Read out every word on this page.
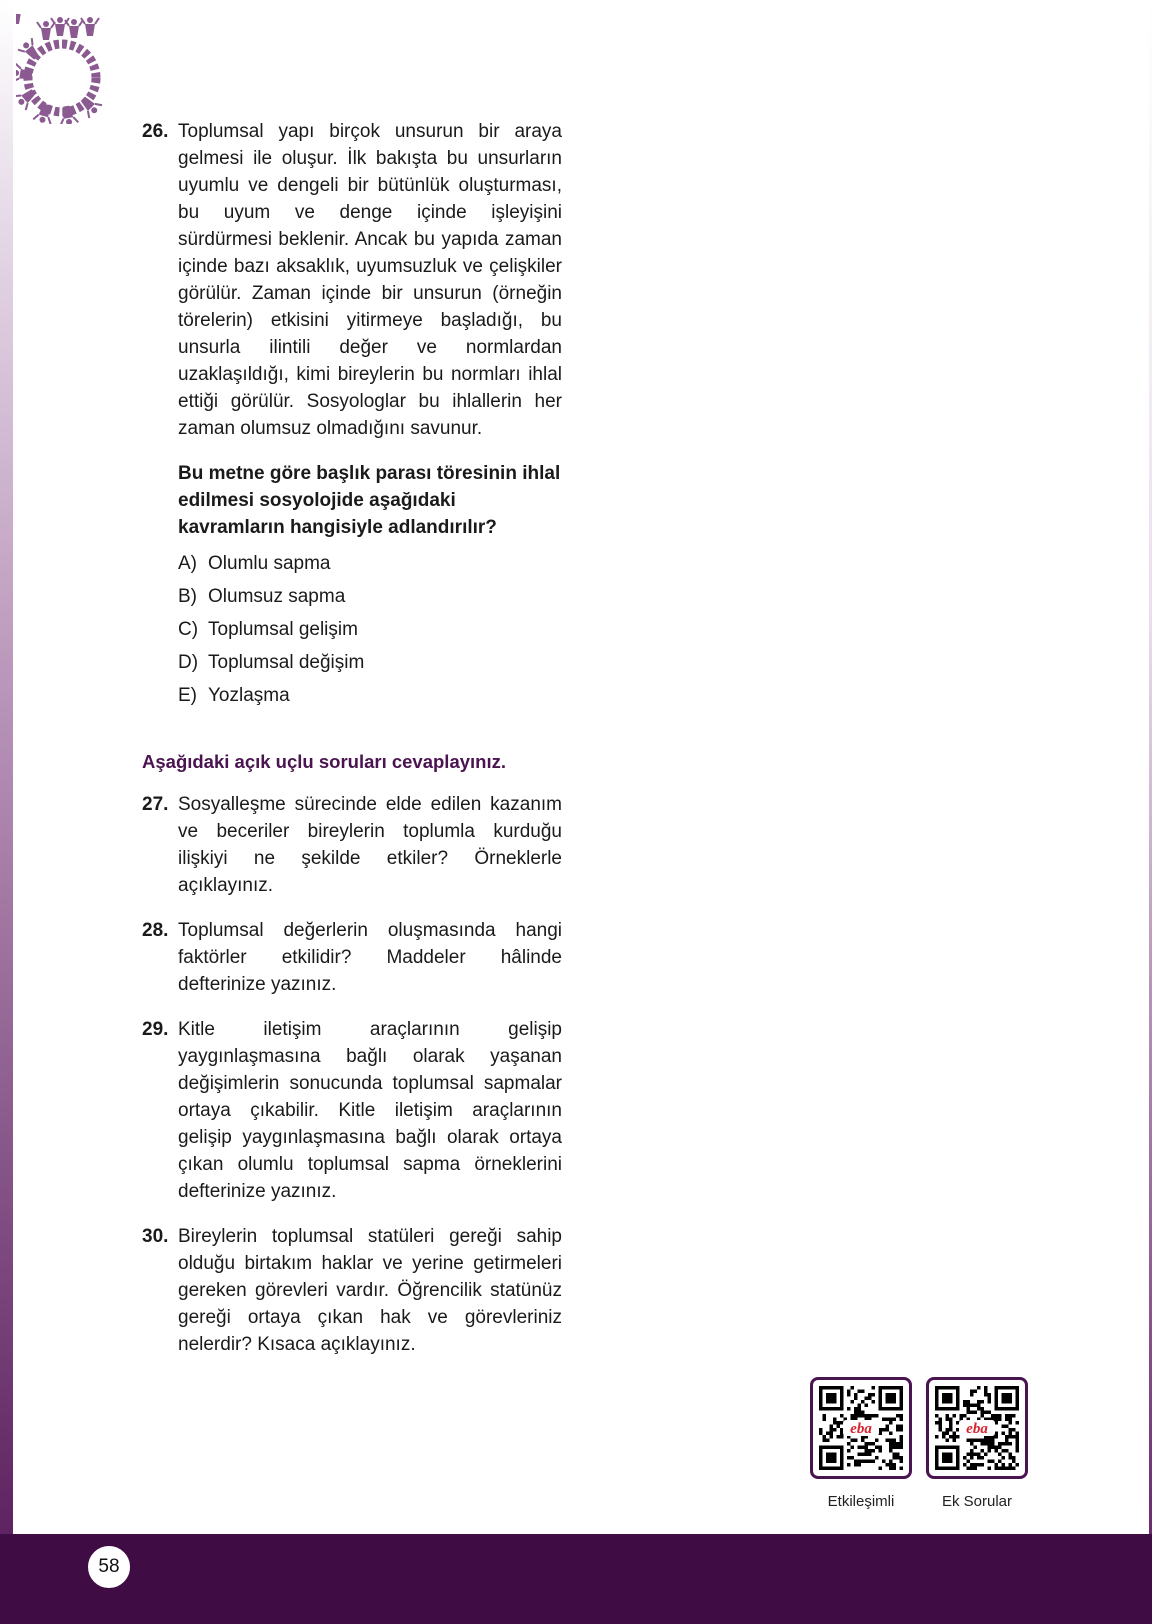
26. Toplumsal yapı birçok unsurun bir araya gelmesi ile oluşur. İlk bakışta bu unsurların uyumlu ve dengeli bir bütünlük oluşturması, bu uyum ve denge içinde işleyişini sürdürmesi beklenir. Ancak bu yapıda zaman içinde bazı aksaklık, uyumsuzluk ve çelişkiler görülür. Zaman içinde bir unsurun (örneğin törelerin) etkisini yitirmeye başladığı, bu unsurla ilintili değer ve normlardan uzaklaşıldığı, kimi bireylerin bu normları ihlal ettiği görülür. Sosyologlar bu ihlallerin her zaman olumsuz olmadığını savunur.
Bu metne göre başlık parası töresinin ihlal edilmesi sosyolojide aşağıdaki kavramların hangisiyle adlandırılır?
A) Olumlu sapma
B) Olumsuz sapma
C) Toplumsal gelişim
D) Toplumsal değişim
E) Yozlaşma
Aşağıdaki açık uçlu soruları cevaplayınız.
27. Sosyalleşme sürecinde elde edilen kazanım ve beceriler bireylerin toplumla kurduğu ilişkiyi ne şekilde etkiler? Örneklerle açıklayınız.
28. Toplumsal değerlerin oluşmasında hangi faktörler etkilidir? Maddeler hâlinde defterinize yazınız.
29. Kitle iletişim araçlarının gelişip yaygınlaşmasına bağlı olarak yaşanan değişimlerin sonucunda toplumsal sapmalar ortaya çıkabilir. Kitle iletişim araçlarının gelişip yaygınlaşmasına bağlı olarak ortaya çıkan olumlu toplumsal sapma örneklerini defterinize yazınız.
30. Bireylerin toplumsal statüleri gereği sahip olduğu birtakım haklar ve yerine getirmeleri gereken görevleri vardır. Öğrencilik statünüz gereği ortaya çıkan hak ve görevleriniz nelerdir? Kısaca açıklayınız.
eba
Etkileşimli
eba
Ek Sorular
58
